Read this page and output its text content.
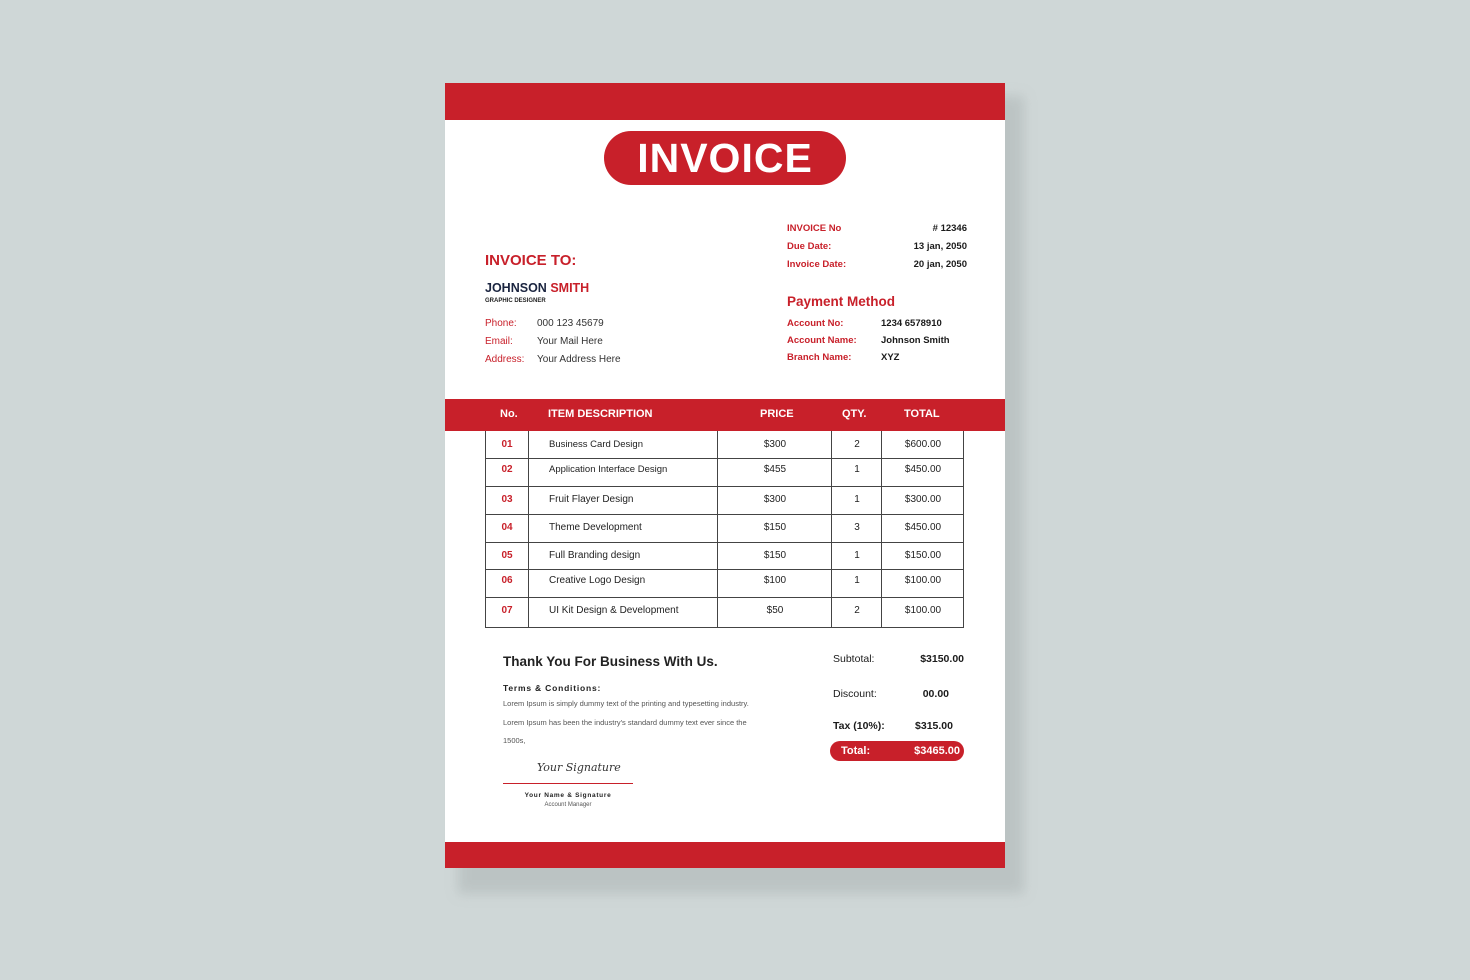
INVOICE
INVOICE No	# 12346
Due Date:	13 jan, 2050
Invoice Date:	20 jan, 2050
INVOICE TO:
JOHNSON SMITH
GRAPHIC DESIGNER
Phone:	000 123 45679
Email:	Your Mail Here
Address:	Your Address Here
Payment Method
Account No:	1234 6578910
Account Name:	Johnson Smith
Branch Name:	XYZ
No.	ITEM DESCRIPTION	PRICE	QTY.	TOTAL
01	Business Card Design	$300	2	$600.00
02	Application Interface Design	$455	1	$450.00
03	Fruit Flayer Design	$300	1	$300.00
04	Theme Development	$150	3	$450.00
05	Full Branding design	$150	1	$150.00
06	Creative Logo Design	$100	1	$100.00
07	UI Kit Design & Development	$50	2	$100.00
Thank You For Business With Us.
Terms & Conditions:
Lorem Ipsum is simply dummy text of the printing and typesetting industry. Lorem Ipsum has been the industry's standard dummy text ever since the 1500s,
Your Signature
Your Name & Signature
Account Manager
Subtotal:	$3150.00
Discount:	00.00
Tax (10%):	$315.00
Total:	$3465.00
